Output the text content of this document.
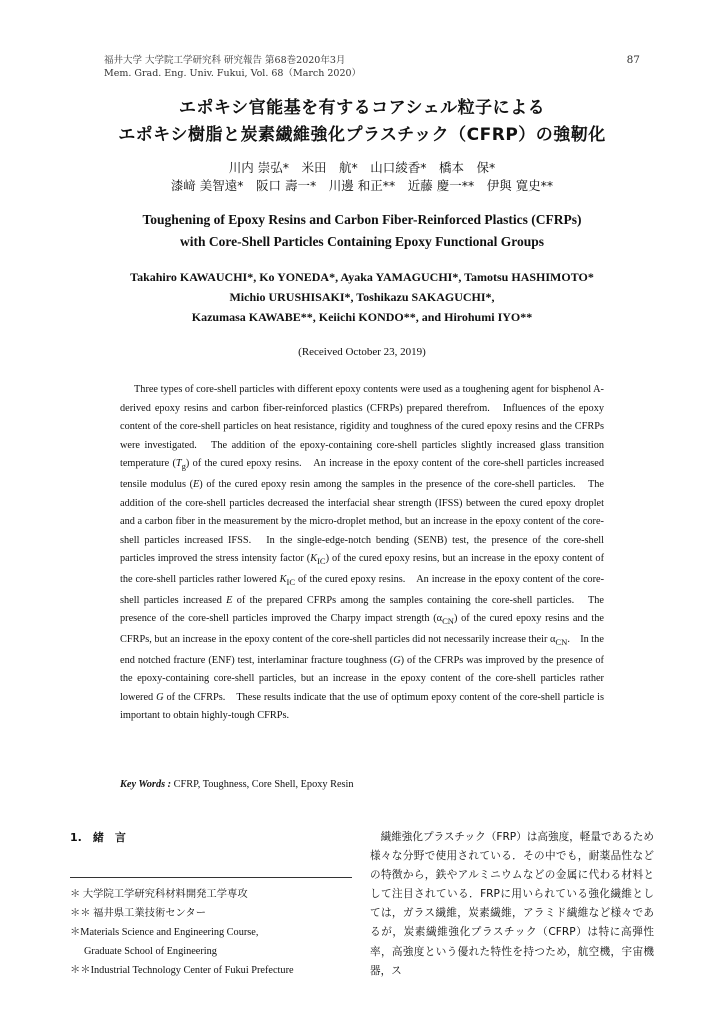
福井大学 大学院工学研究科 研究報告 第68巻2020年3月
Mem. Grad. Eng. Univ. Fukui, Vol. 68（March 2020）
87
エポキシ官能基を有するコアシェル粒子による
エポキシ樹脂と炭素繊維強化プラスチック（CFRP）の強靭化
川内 崇弘*　米田　航*　山口綾香*　橋本　保*
漆﨑 美智遠*　阪口 壽一*　川邊 和正**　近藤 慶一**　伊與 寛史**
Toughening of Epoxy Resins and Carbon Fiber-Reinforced Plastics (CFRPs)
with Core-Shell Particles Containing Epoxy Functional Groups
Takahiro KAWAUCHI*, Ko YONEDA*, Ayaka YAMAGUCHI*, Tamotsu HASHIMOTO*
Michio URUSHISAKI*, Toshikazu SAKAGUCHI*,
Kazumasa KAWABE**, Keiichi KONDO**, and Hirohumi IYO**
(Received October 23, 2019)
Three types of core-shell particles with different epoxy contents were used as a toughening agent for bisphenol A-derived epoxy resins and carbon fiber-reinforced plastics (CFRPs) prepared therefrom.　Influences of the epoxy content of the core-shell particles on heat resistance, rigidity and toughness of the cured epoxy resins and the CFRPs were investigated.　The addition of the epoxy-containing core-shell particles slightly increased glass transition temperature $(T_g)$ of the cured epoxy resins.　An increase in the epoxy content of the core-shell particles increased tensile modulus (E) of the cured epoxy resin among the samples in the presence of the core-shell particles.　The addition of the core-shell particles decreased the interfacial shear strength (IFSS) between the cured epoxy droplet and a carbon fiber in the measurement by the micro-droplet method, but an increase in the epoxy content of the core-shell particles increased IFSS.　In the single-edge-notch bending (SENB) test, the presence of the core-shell particles improved the stress intensity factor $(K_{IC})$ of the cured epoxy resins, but an increase in the epoxy content of the core-shell particles rather lowered $K_{IC}$ of the cured epoxy resins.　An increase in the epoxy content of the core-shell particles increased E of the prepared CFRPs among the samples containing the core-shell particles.　The presence of the core-shell particles improved the Charpy impact strength $(\alpha_{CN})$ of the cured epoxy resins and the CFRPs, but an increase in the epoxy content of the core-shell particles did not necessarily increase their $\alpha_{CN}$.　In the end notched fracture (ENF) test, interlaminar fracture toughness (G) of the CFRPs was improved by the presence of the epoxy-containing core-shell particles, but an increase in the epoxy content of the core-shell particles rather lowered G of the CFRPs.　These results indicate that the use of optimum epoxy content of the core-shell particle is important to obtain highly-tough CFRPs.
Key Words : CFRP, Toughness, Core Shell, Epoxy Resin
1.　緒　言
＊ 大学院工学研究科材料開発工学専攻
＊＊ 福井県工業技術センター
＊Materials Science and Engineering Course,
Graduate School of Engineering
＊＊Industrial Technology Center of Fukui Prefecture
繊維強化プラスチック（FRP）は高強度，軽量であるため様々な分野で使用されている．その中でも，耐薬品性などの特徴から，鉄やアルミニウムなどの金属に代わる材料として注目されている．FRPに用いられている強化繊維としては，ガラス繊維，炭素繊維，アラミド繊維など様々であるが，炭素繊維強化プラスチック（CFRP）は特に高弾性率，高強度という優れた特性を持つため，航空機，宇宙機器，ス
